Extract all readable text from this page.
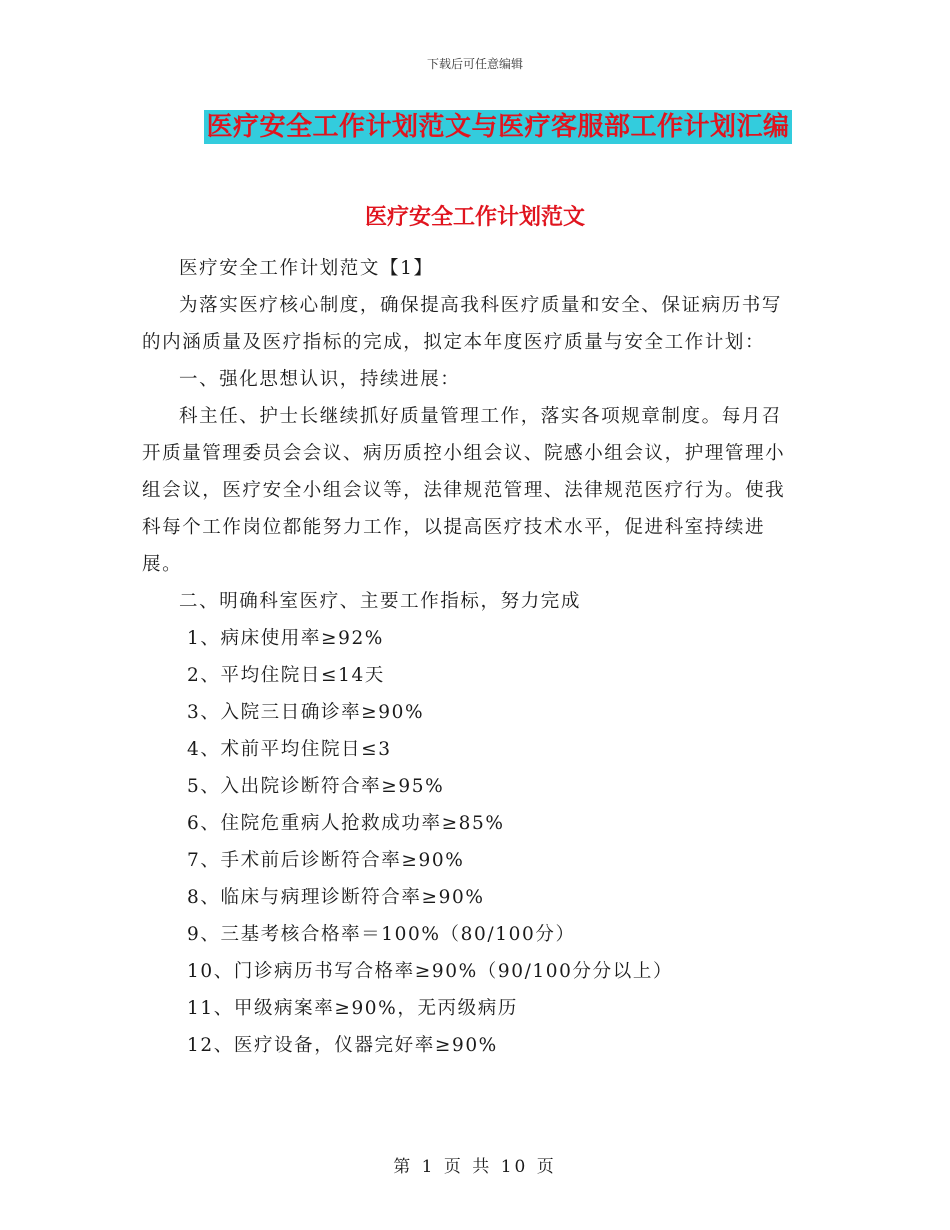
下载后可任意编辑
医疗安全工作计划范文与医疗客服部工作计划汇编
医疗安全工作计划范文

医疗安全工作计划范文【1】

为落实医疗核心制度，确保提高我科医疗质量和安全、保证病历书写的内涵质量及医疗指标的完成，拟定本年度医疗质量与安全工作计划：

一、强化思想认识，持续进展：

科主任、护士长继续抓好质量管理工作，落实各项规章制度。每月召开质量管理委员会会议、病历质控小组会议、院感小组会议，护理管理小组会议，医疗安全小组会议等，法律规范管理、法律规范医疗行为。使我科每个工作岗位都能努力工作，以提高医疗技术水平，促进科室持续进展。

二、明确科室医疗、主要工作指标，努力完成

1、病床使用率≥92%

2、平均住院日≤14天

3、入院三日确诊率≥90%

4、术前平均住院日≤3

5、入出院诊断符合率≥95%

6、住院危重病人抢救成功率≥85%

7、手术前后诊断符合率≥90%

8、临床与病理诊断符合率≥90%

9、三基考核合格率＝100%（80/100分）

10、门诊病历书写合格率≥90%（90/100分分以上）

11、甲级病案率≥90%，无丙级病历

12、医疗设备，仪器完好率≥90%

第 1 页 共 10 页
